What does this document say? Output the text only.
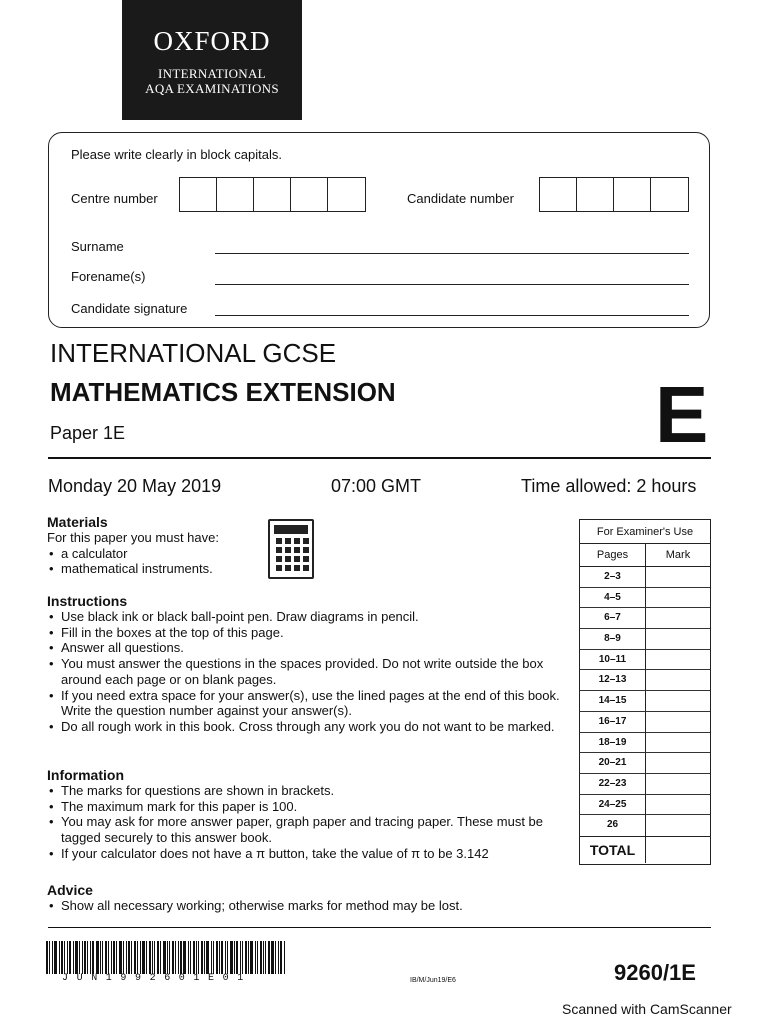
OXFORD
INTERNATIONAL
AQA EXAMINATIONS
Please write clearly in block capitals.
Centre number	Candidate number
Surname
Forename(s)
Candidate signature
INTERNATIONAL GCSE
MATHEMATICS EXTENSION
Paper 1E	E
Monday 20 May 2019	07:00 GMT	Time allowed: 2 hours
Materials
For this paper you must have:
• a calculator
• mathematical instruments.
Instructions
• Use black ink or black ball-point pen. Draw diagrams in pencil.
• Fill in the boxes at the top of this page.
• Answer all questions.
• You must answer the questions in the spaces provided. Do not write outside the box around each page or on blank pages.
• If you need extra space for your answer(s), use the lined pages at the end of this book. Write the question number against your answer(s).
• Do all rough work in this book. Cross through any work you do not want to be marked.
Information
• The marks for questions are shown in brackets.
• The maximum mark for this paper is 100.
• You may ask for more answer paper, graph paper and tracing paper. These must be tagged securely to this answer book.
• If your calculator does not have a π button, take the value of π to be 3.142
Advice
• Show all necessary working; otherwise marks for method may be lost.
For Examiner's Use
Pages	Mark
2–3
4–5
6–7
8–9
10–11
12–13
14–15
16–17
18–19
20–21
22–23
24–25
26
TOTAL
JUN1992601E01	IB/M/Jun19/E6	9260/1E
Scanned with CamScanner
